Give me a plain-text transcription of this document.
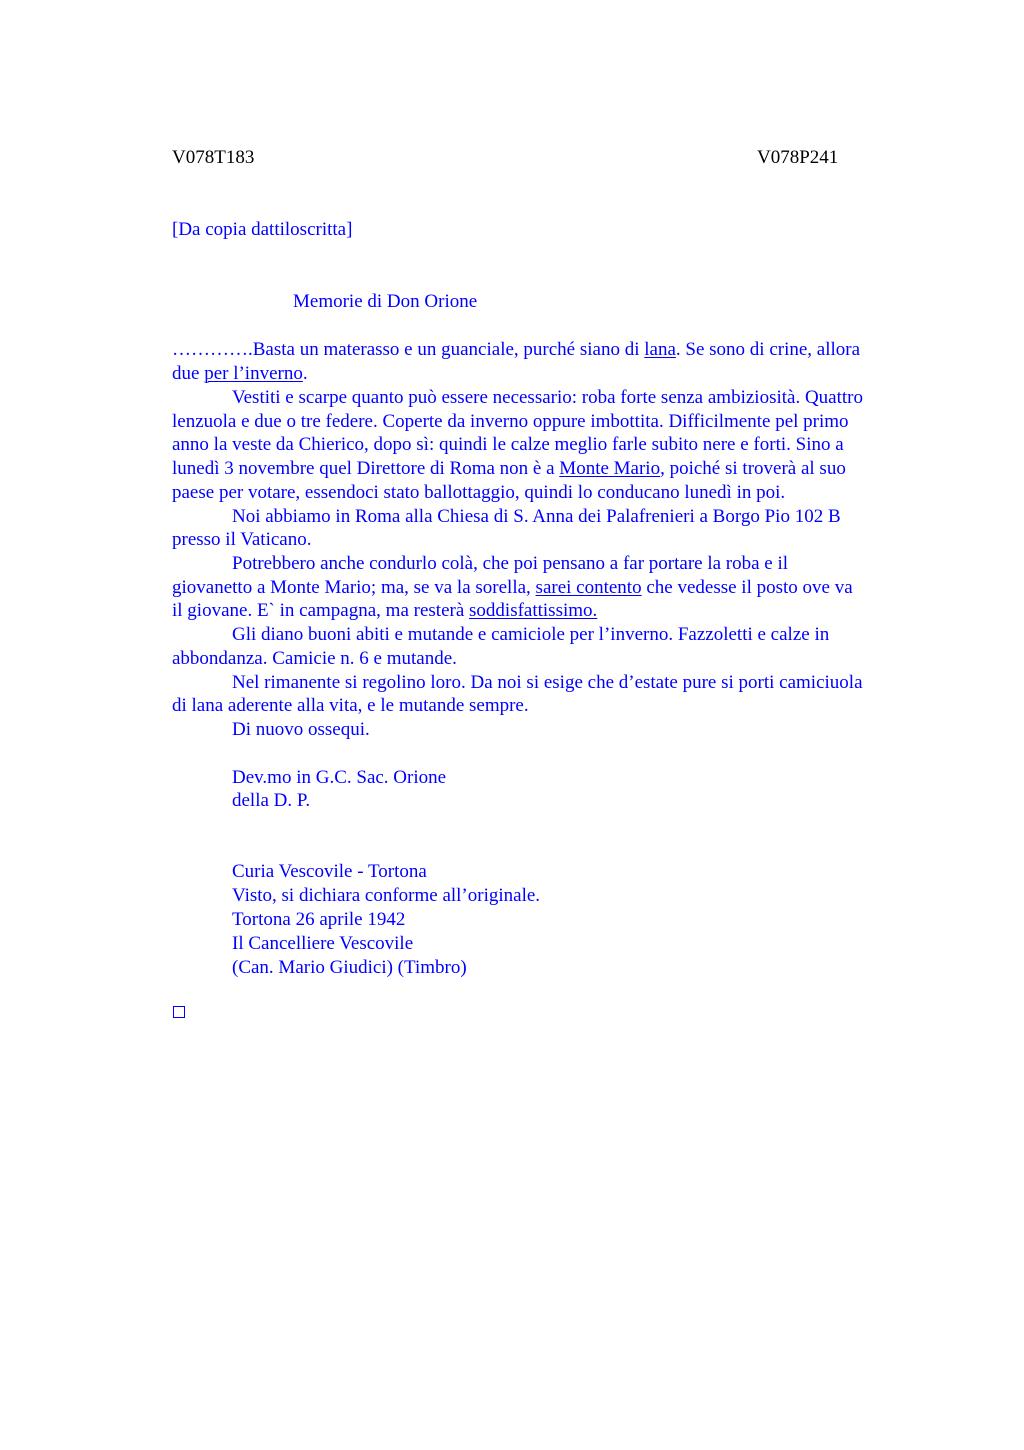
V078T183	V078P241
[Da copia dattiloscritta]
Memorie di Don Orione
………….Basta un materasso e un guanciale, purché siano di lana. Se sono di crine, allora
due per l’inverno.
Vestiti e scarpe quanto può essere necessario: roba forte senza ambiziosità. Quattro
lenzuola e due o tre federe. Coperte da inverno oppure imbottita. Difficilmente pel primo
anno la veste da Chierico, dopo sì: quindi le calze meglio farle subito nere e forti. Sino a
lunedì 3 novembre quel Direttore di Roma non è a Monte Mario, poiché si troverà al suo
paese per votare, essendoci stato ballottaggio, quindi lo conducano lunedì in poi.
Noi abbiamo in Roma alla Chiesa di S. Anna dei Palafrenieri a Borgo Pio 102 B
presso il Vaticano.
Potrebbero anche condurlo colà, che poi pensano a far portare la roba e il
giovanetto a Monte Mario; ma, se va la sorella, sarei contento che vedesse il posto ove va
il giovane. E` in campagna, ma resterà soddisfattissimo.
Gli diano buoni abiti e mutande e camiciole per l’inverno. Fazzoletti e calze in
abbondanza. Camicie n. 6 e mutande.
Nel rimanente si regolino loro. Da noi si esige che d’estate pure si porti camiciuola
di lana aderente alla vita, e le mutande sempre.
Di nuovo ossequi.
Dev.mo in G.C. Sac. Orione
della D. P.
Curia Vescovile - Tortona
Visto, si dichiara conforme all’originale.
Tortona 26 aprile 1942
Il Cancelliere Vescovile
(Can. Mario Giudici) (Timbro)
